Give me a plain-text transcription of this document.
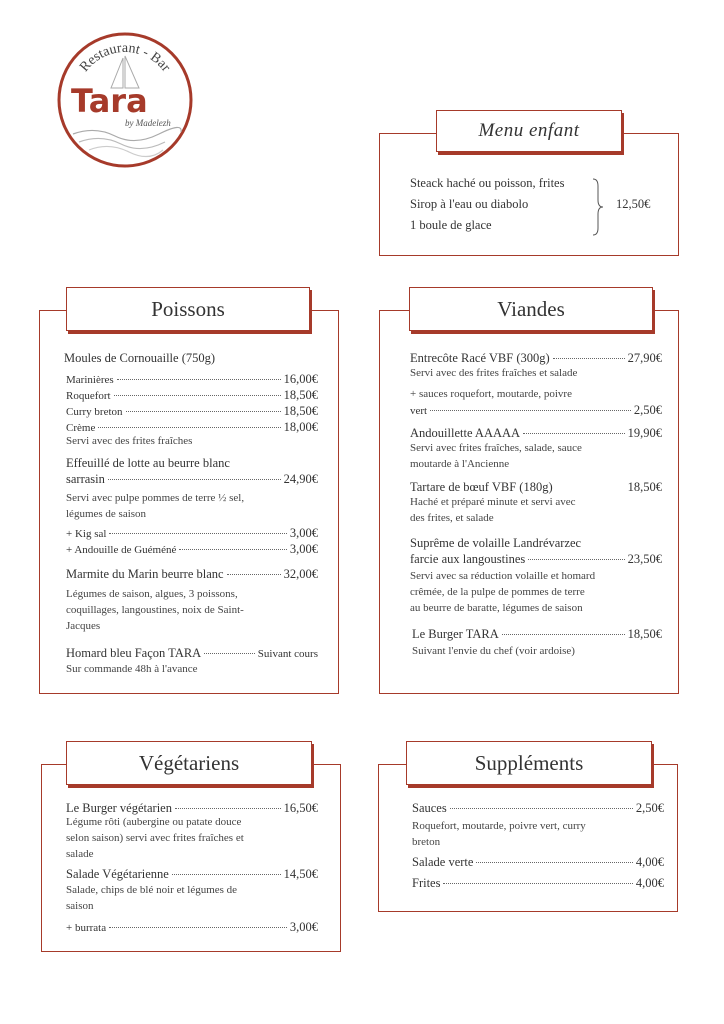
Restaurant - Bar
Tara
by Madelezh	Menu enfant
Steack haché ou poisson, frites
Sirop à l'eau ou diabolo
1 boule de glace
12,50€
Poissons
Moules de Cornouaille (750g)
Marinières	16,00€
Roquefort	18,50€
Curry breton	18,50€
Crème	18,00€
Servi avec des frites fraîches
Effeuillé de lotte au beurre blanc
sarrasin	24,90€
Servi avec pulpe pommes de terre ½ sel,
légumes de saison
+ Kig sal	3,00€
+ Andouille de Guéméné	3,00€
Marmite du Marin beurre blanc	32,00€
Légumes de saison, algues, 3 poissons,
coquillages, langoustines, noix de Saint-
Jacques
Homard bleu Façon TARA	Suivant cours
Sur commande 48h à l'avance
Viandes
Entrecôte Racé VBF (300g)	27,90€
Servi avec des frites fraîches et salade
+ sauces roquefort, moutarde, poivre
vert	2,50€
Andouillette AAAAA	19,90€
Servi avec frites fraîches, salade, sauce
moutarde à l'Ancienne
Tartare de bœuf VBF (180g)	18,50€
Haché et préparé minute et servi avec
des frites, et salade
Suprême de volaille Landrévarzec
farcie aux langoustines	23,50€
Servi avec sa réduction volaille et homard
crêmée, de la pulpe de pommes de terre
au beurre de baratte, légumes de saison
Le Burger TARA	18,50€
Suivant l'envie du chef (voir ardoise)
Végétariens
Le Burger végétarien	16,50€
Légume rôti (aubergine ou patate douce
selon saison) servi avec frites fraîches et
salade
Salade Végétarienne	14,50€
Salade, chips de blé noir et légumes de
saison
+ burrata	3,00€
Suppléments
Sauces	2,50€
Roquefort, moutarde, poivre vert, curry
breton
Salade verte	4,00€
Frites	4,00€
